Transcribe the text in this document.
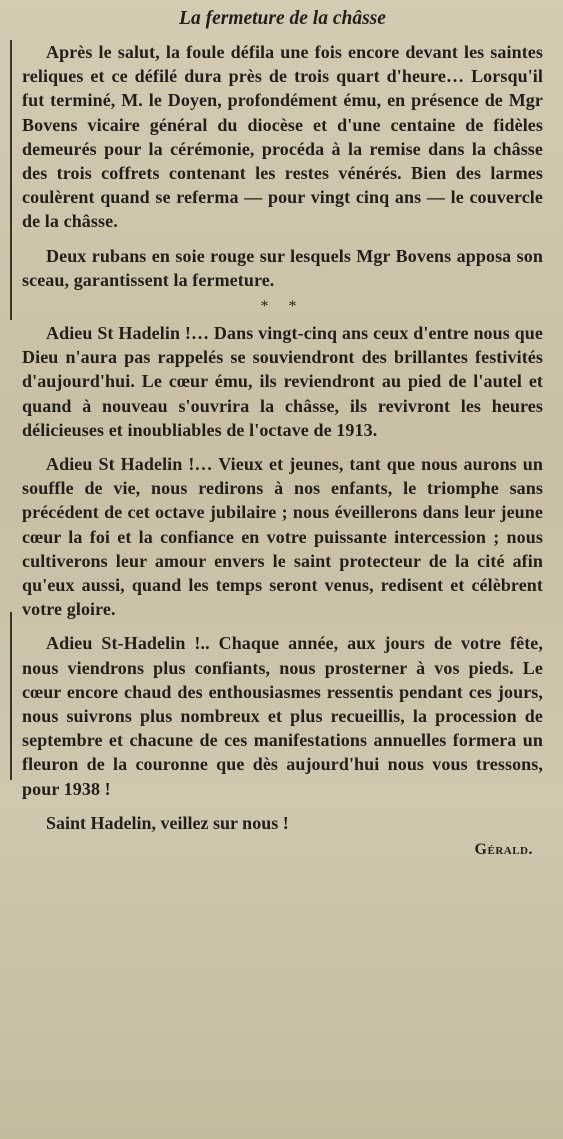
La fermeture de la châsse

Après le salut, la foule défila une fois encore devant les saintes reliques et ce défilé dura près de trois quart d'heure… Lorsqu'il fut terminé, M. le Doyen, profondément ému, en présence de Mgr Bovens vicaire général du diocèse et d'une centaine de fidèles demeurés pour la cérémonie, procéda à la remise dans la châsse des trois coffrets contenant les restes vénérés. Bien des larmes coulèrent quand se referma — pour vingt cinq ans — le couvercle de la châsse.

Deux rubans en soie rouge sur lesquels Mgr Bovens apposa son sceau, garantissent la fermeture.

* *

Adieu St Hadelin !… Dans vingt-cinq ans ceux d'entre nous que Dieu n'aura pas rappelés se souviendront des brillantes festivités d'aujourd'hui. Le cœur ému, ils reviendront au pied de l'autel et quand à nouveau s'ouvrira la châsse, ils revivront les heures délicieuses et inoubliables de l'octave de 1913.

Adieu St Hadelin !… Vieux et jeunes, tant que nous aurons un souffle de vie, nous redirons à nos enfants, le triomphe sans précédent de cet octave jubilaire ; nous éveillerons dans leur jeune cœur la foi et la confiance en votre puissante intercession ; nous cultiverons leur amour envers le saint protecteur de la cité afin qu'eux aussi, quand les temps seront venus, redisent et célèbrent votre gloire.

Adieu St-Hadelin !.. Chaque année, aux jours de votre fête, nous viendrons plus confiants, nous prosterner à vos pieds. Le cœur encore chaud des enthousiasmes ressentis pendant ces jours, nous suivrons plus nombreux et plus recueillis, la procession de septembre et chacune de ces manifestations annuelles formera un fleuron de la couronne que dès aujourd'hui nous vous tressons, pour 1938 !

Saint Hadelin, veillez sur nous !

Gérald.
